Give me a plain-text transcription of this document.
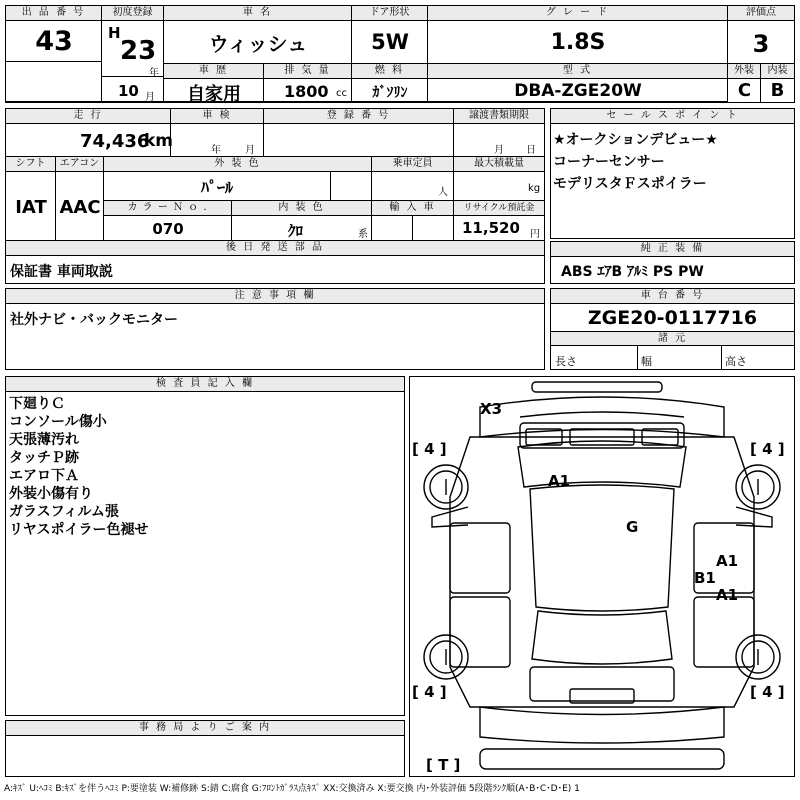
出 品 番 号
43
初度登録
H
23
年
10 月
車 名
ウィッシュ
ドア形状
5W
グ レ ー ド
1.8S
評価点
3
車 歴
自家用
排 気 量
1800 cc
燃 料
ｶﾞｿﾘﾝ
型 式
DBA-ZGE20W
外装
C
内装
B
走 行
74,436
km
車 検
年 月
登 録 番 号	譲渡書類期限
月 日
シフト
IAT
エアコン
AAC
外 装 色
ﾊﾟｰﾙ
乗車定員
人
最大積載量
kg
カ ラ ー Ｎ ｏ .
070
内 装 色
ｸﾛ	系
輸 入 車	リサイクル預託金
11,520 円
後 日 発 送 部 品
保証書 車両取説
セ ー ル ス ポ イ ン ト
★オークションデビュー★
コーナーセンサー
モデリスタＦスポイラー
純 正 装 備
ABS ｴｱB ｱﾙﾐ PS PW
注 意 事 項 欄
社外ナビ・バックモニター
車 台 番 号
ZGE20-0117716
諸 元
長さ	幅	高さ
検 査 員 記 入 欄
下廻りＣ
コンソール傷小
天張薄汚れ
タッチＰ跡
エアロ下Ａ
外装小傷有り
ガラスフィルム張
リヤスポイラー色褪せ
事 務 局 よ り ご 案 内
[ 4 ]	[ 4 ]
[ 4 ]	[ 4 ]
[ T ]
X3
A1
G
A1
B1
A1
A:ｷｽﾞ U:ﾍｺﾐ B:ｷｽﾞを伴うﾍｺﾐ P:要塗装 W:補修跡 S:錆 C:腐食 G:ﾌﾛﾝﾄｶﾞﾗｽ点ｷｽﾞ XX:交換済み X:要交換 内･外装評価 5段階ﾗﾝｸ順(A･B･C･D･E) 1
